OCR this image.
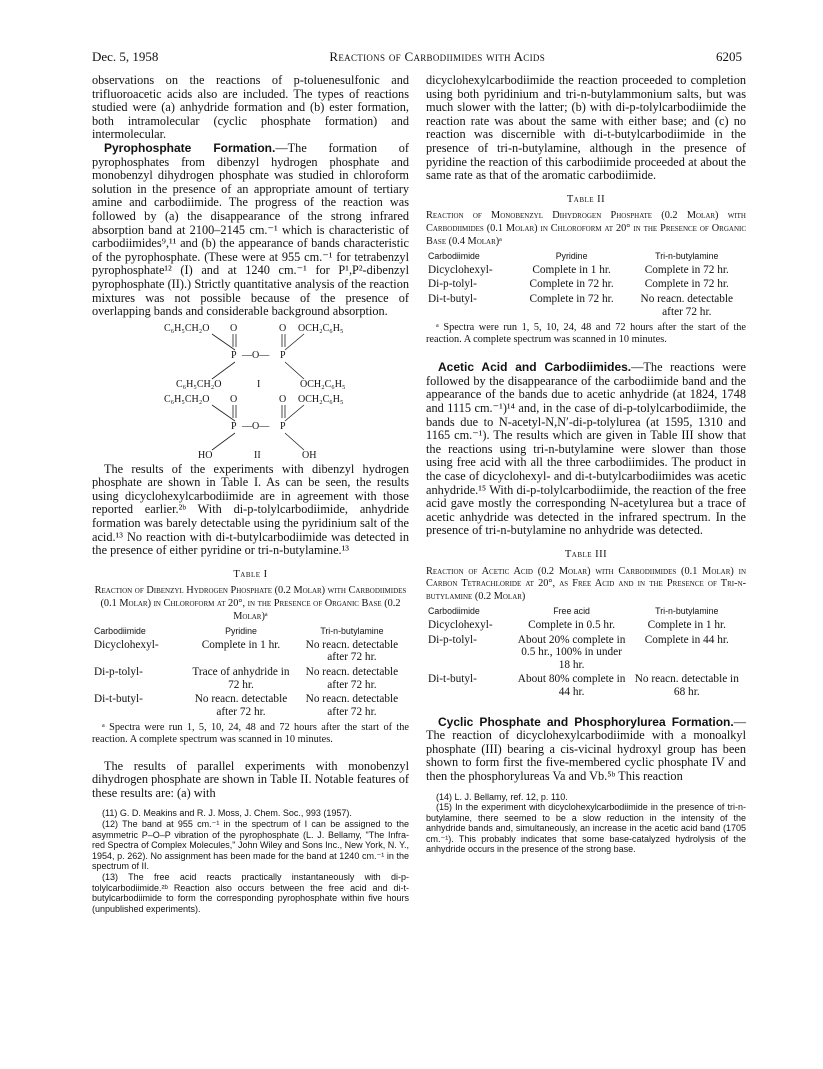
Dec. 5, 1958	Reactions of Carbodiimides with Acids	6205

observations on the reactions of p-toluenesulfonic and trifluoroacetic acids also are included. The types of reactions studied were (a) anhydride formation and (b) ester formation, both intramolecular (cyclic phosphate formation) and intermolecular.

Pyrophosphate Formation.—The formation of pyrophosphates from dibenzyl hydrogen phosphate and monobenzyl dihydrogen phosphate was studied in chloroform solution in the presence of an appropriate amount of tertiary amine and carbodiimide. The progress of the reaction was followed by (a) the disappearance of the strong infrared absorption band at 2100–2145 cm.⁻¹ which is characteristic of carbodiimides⁹,¹¹ and (b) the appearance of bands characteristic of the pyrophosphate. (These were at 955 cm.⁻¹ for tetrabenzyl pyrophosphate¹² (I) and at 1240 cm.⁻¹ for P¹,P²-dibenzyl pyrophosphate (II).) Strictly quantitative analysis of the reaction mixtures was not possible because of the presence of overlapping bands and considerable background absorption.

C₆H₅CH₂O O	O OCH₂C₆H₅
P —O— P
C₆H₅CH₂O	I	OCH₂C₆H₅
C₆H₅CH₂O O	O OCH₂C₆H₅
P —O— P
HO	II	OH

The results of the experiments with dibenzyl hydrogen phosphate are shown in Table I. As can be seen, the results using dicyclohexylcarbodiimide are in agreement with those reported earlier.²ᵇ With di-p-tolylcarbodiimide, anhydride formation was barely detectable using the pyridinium salt of the acid.¹³ No reaction with di-t-butylcarbodiimide was detected in the presence of either pyridine or tri-n-butylamine.¹³

Table I
Reaction of Dibenzyl Hydrogen Phosphate (0.2 Molar) with Carbodiimides (0.1 Molar) in Chloroform at 20°, in the Presence of Organic Base (0.2 Molar)ᵃ
Carbodiimide	Pyridine	Tri-n-butylamine
Dicyclohexyl-	Complete in 1 hr.	No reacn. detectable after 72 hr.
Di-p-tolyl-	Trace of anhydride in 72 hr.	No reacn. detectable after 72 hr.
Di-t-butyl-	No reacn. detectable after 72 hr.	No reacn. detectable after 72 hr.
ᵃ Spectra were run 1, 5, 10, 24, 48 and 72 hours after the start of the reaction. A complete spectrum was scanned in 10 minutes.

The results of parallel experiments with monobenzyl dihydrogen phosphate are shown in Table II. Notable features of these results are: (a) with

(11) G. D. Meakins and R. J. Moss, J. Chem. Soc., 993 (1957).

(12) The band at 955 cm.⁻¹ in the spectrum of I can be assigned to the asymmetric P–O–P vibration of the pyrophosphate (L. J. Bellamy, "The Infra-red Spectra of Complex Molecules," John Wiley and Sons Inc., New York, N. Y., 1954, p. 262). No assignment has been made for the band at 1240 cm.⁻¹ in the spectrum of II.

(13) The free acid reacts practically instantaneously with di-p-tolylcarbodiimide.²ᵇ Reaction also occurs between the free acid and di-t-butylcarbodiimide to form the corresponding pyrophosphate within five hours (unpublished experiments).

dicyclohexylcarbodiimide the reaction proceeded to completion using both pyridinium and tri-n-butylammonium salts, but was much slower with the latter; (b) with di-p-tolylcarbodiimide the reaction rate was about the same with either base; and (c) no reaction was discernible with di-t-butylcarbodiimide in the presence of tri-n-butylamine, although in the presence of pyridine the reaction of this carbodiimide proceeded at about the same rate as that of the aromatic carbodiimide.

Table II
Reaction of Monobenzyl Dihydrogen Phosphate (0.2 Molar) with Carbodiimides (0.1 Molar) in Chloroform at 20° in the Presence of Organic Base (0.4 Molar)ᵃ
Carbodiimide	Pyridine	Tri-n-butylamine
Dicyclohexyl-	Complete in 1 hr.	Complete in 72 hr.
Di-p-tolyl-	Complete in 72 hr.	Complete in 72 hr.
Di-t-butyl-	Complete in 72 hr.	No reacn. detectable after 72 hr.
ᵃ Spectra were run 1, 5, 10, 24, 48 and 72 hours after the start of the reaction. A complete spectrum was scanned in 10 minutes.

Acetic Acid and Carbodiimides.—The reactions were followed by the disappearance of the carbodiimide band and the appearance of the bands due to acetic anhydride (at 1824, 1748 and 1115 cm.⁻¹)¹⁴ and, in the case of di-p-tolylcarbodiimide, the bands due to N-acetyl-N,N′-di-p-tolylurea (at 1595, 1310 and 1165 cm.⁻¹). The results which are given in Table III show that the reactions using tri-n-butylamine were slower than those using free acid with all the three carbodiimides. The product in the case of dicyclohexyl- and di-t-butylcarbodiimides was acetic anhydride.¹⁵ With di-p-tolylcarbodiimide, the reaction of the free acid gave mostly the corresponding N-acetylurea but a trace of acetic anhydride was detected in the infrared spectrum. In the presence of tri-n-butylamine no anhydride was detected.

Table III
Reaction of Acetic Acid (0.2 Molar) with Carbodiimides (0.1 Molar) in Carbon Tetrachloride at 20°, as Free Acid and in the Presence of Tri-n-butylamine (0.2 Molar)
Carbodiimide	Free acid	Tri-n-butylamine
Dicyclohexyl-	Complete in 0.5 hr.	Complete in 1 hr.
Di-p-tolyl-	About 20% complete in 0.5 hr., 100% in under 18 hr.	Complete in 44 hr.
Di-t-butyl-	About 80% complete in 44 hr.	No reacn. detectable in 68 hr.

Cyclic Phosphate and Phosphorylurea Formation.—The reaction of dicyclohexylcarbodiimide with a monoalkyl phosphate (III) bearing a cis-vicinal hydroxyl group has been shown to form first the five-membered cyclic phosphate IV and then the phosphorylureas Va and Vb.⁵ᵇ This reaction

(14) L. J. Bellamy, ref. 12, p. 110.

(15) In the experiment with dicyclohexylcarbodiimide in the presence of tri-n-butylamine, there seemed to be a slow reduction in the intensity of the anhydride bands and, simultaneously, an increase in the acetic acid band (1705 cm.⁻¹). This probably indicates that some base-catalyzed hydrolysis of the anhydride occurs in the presence of the strong base.
